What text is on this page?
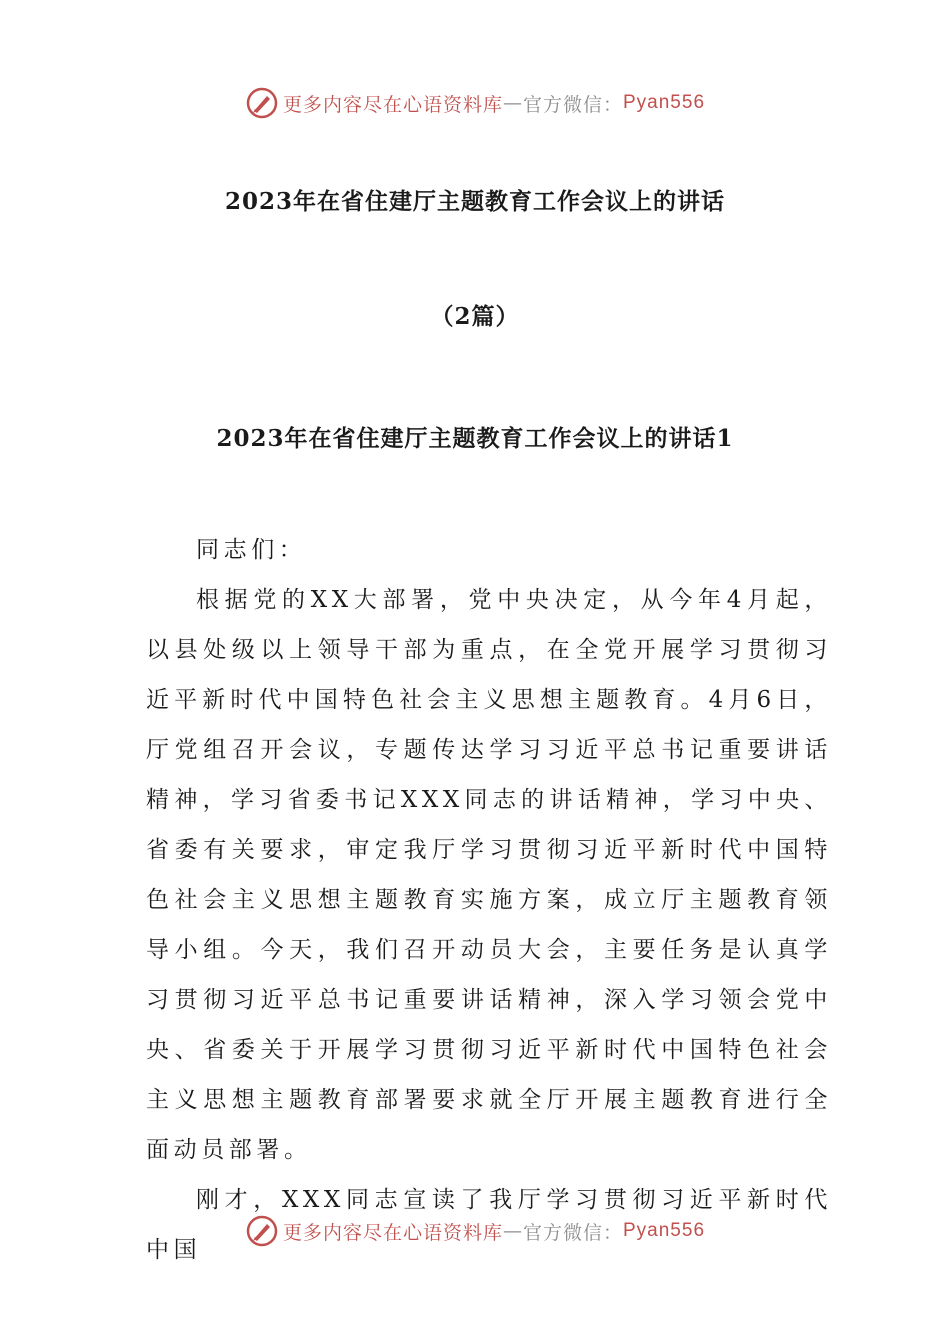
更多内容尽在心语资料库 — 官方微信： Pyan556
2023年在省住建厅主题教育工作会议上的讲话
（2篇）
2023年在省住建厅主题教育工作会议上的讲话1

同志们：

根据党的XX大部署，党中央决定，从今年4月起，以县处级以上领导干部为重点，在全党开展学习贯彻习近平新时代中国特色社会主义思想主题教育。4月6日，厅党组召开会议，专题传达学习习近平总书记重要讲话精神，学习省委书记XXX同志的讲话精神，学习中央、省委有关要求，审定我厅学习贯彻习近平新时代中国特色社会主义思想主题教育实施方案，成立厅主题教育领导小组。今天，我们召开动员大会，主要任务是认真学习贯彻习近平总书记重要讲话精神，深入学习领会党中央、省委关于开展学习贯彻习近平新时代中国特色社会主义思想主题教育部署要求就全厅开展主题教育进行全面动员部署。

刚才，XXX同志宣读了我厅学习贯彻习近平新时代中国

更多内容尽在心语资料库 — 官方微信： Pyan556
